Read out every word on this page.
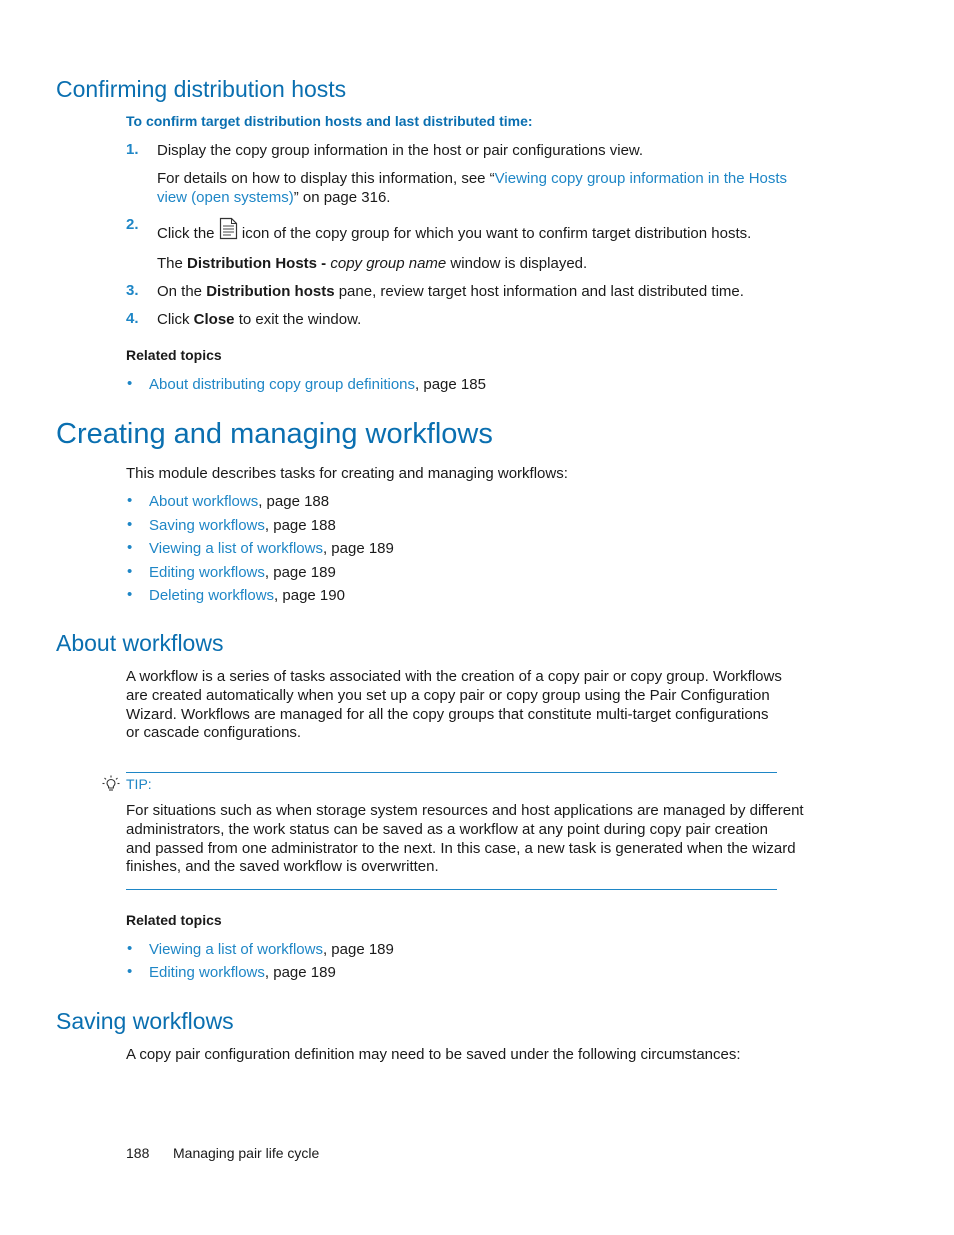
Confirming distribution hosts
To confirm target distribution hosts and last distributed time:
1. Display the copy group information in the host or pair configurations view.
For details on how to display this information, see “Viewing copy group information in the Hosts
view (open systems)” on page 316.
2.
Click the icon of the copy group for which you want to confirm target distribution hosts.
The Distribution Hosts - copy group name window is displayed.
3. On the Distribution hosts pane, review target host information and last distributed time.
4. Click Close to exit the window.
Related topics
• About distributing copy group definitions, page 185
Creating and managing workflows
This module describes tasks for creating and managing workflows:
• About workflows, page 188
• Saving workflows, page 188
• Viewing a list of workflows, page 189
• Editing workflows, page 189
• Deleting workflows, page 190
About workflows
A workflow is a series of tasks associated with the creation of a copy pair or copy group. Workflows
are created automatically when you set up a copy pair or copy group using the Pair Configuration
Wizard. Workflows are managed for all the copy groups that constitute multi-target configurations
or cascade configurations.
TIP:
For situations such as when storage system resources and host applications are managed by different
administrators, the work status can be saved as a workflow at any point during copy pair creation
and passed from one administrator to the next. In this case, a new task is generated when the wizard
finishes, and the saved workflow is overwritten.
Related topics
• Viewing a list of workflows, page 189
• Editing workflows, page 189
Saving workflows
A copy pair configuration definition may need to be saved under the following circumstances:
188 Managing pair life cycle
